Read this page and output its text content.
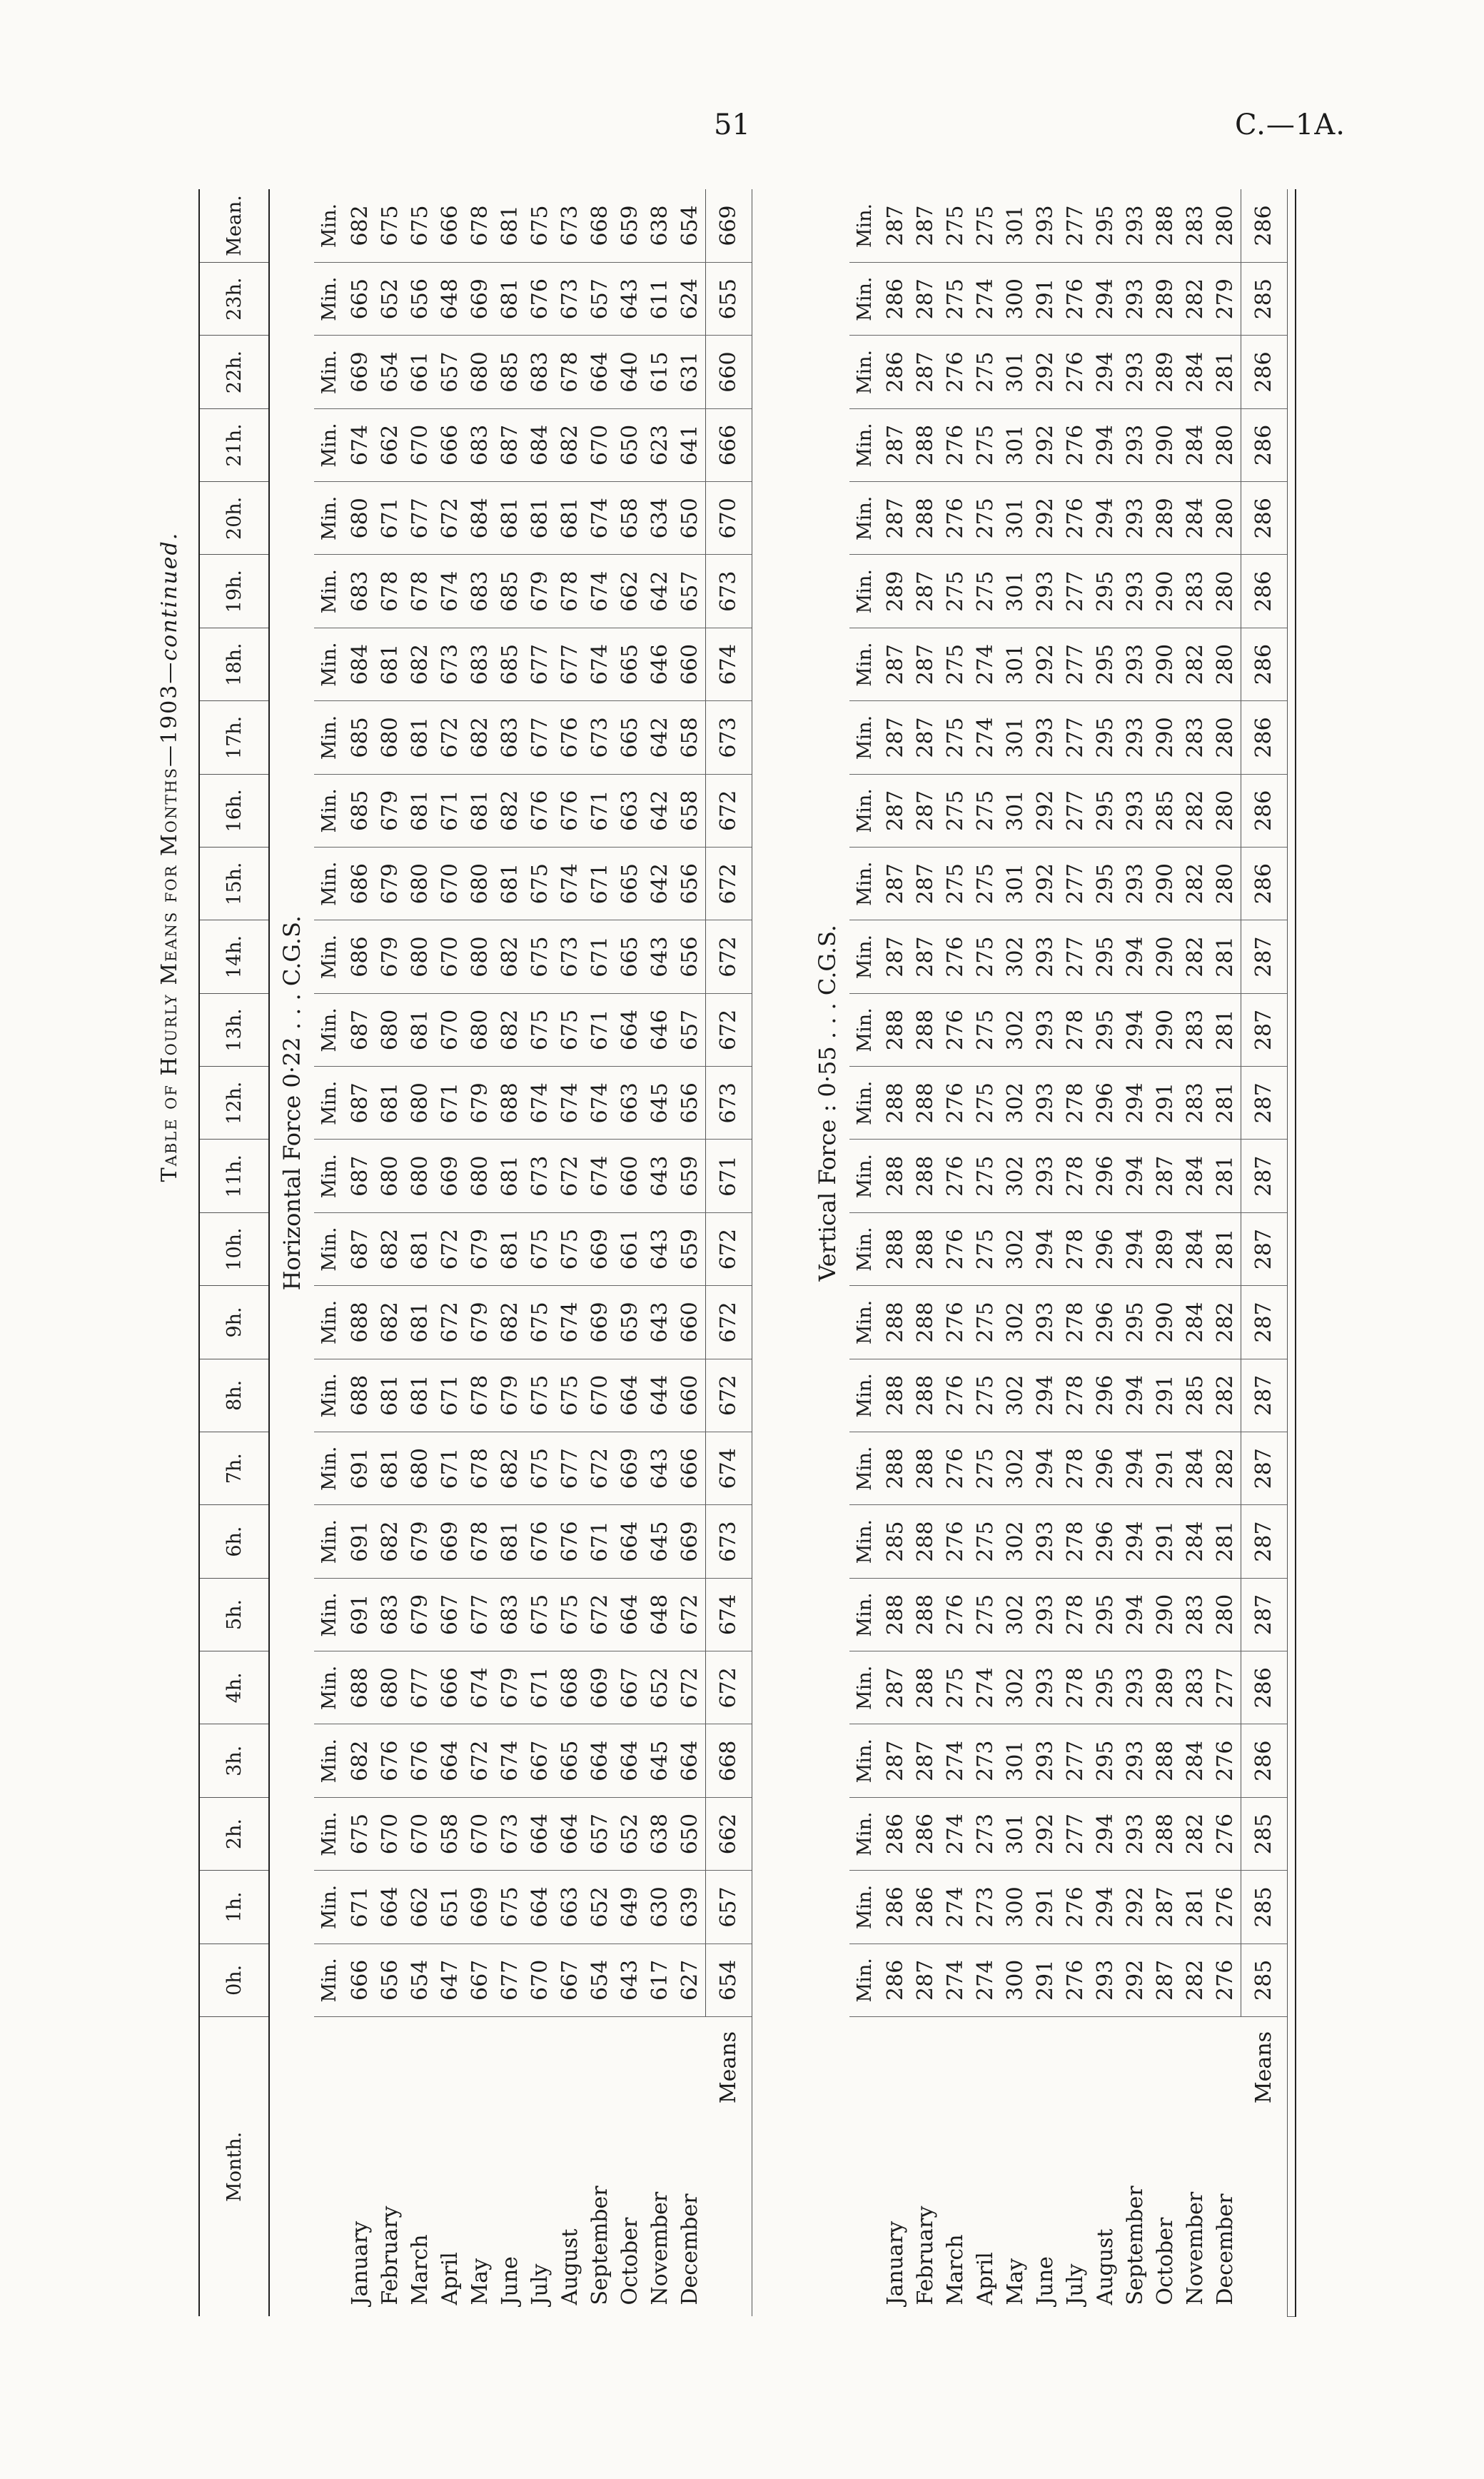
51	C.—1A.
Table of Hourly Means for Months—1903—continued.
Month.	0h.	1h.	2h.	3h.	4h.	5h.	6h.	7h.	8h.	9h.	10h.	11h.	12h.	13h.	14h.	15h.	16h.	17h.	18h.	19h.	20h.	21h.	22h.	23h.	Mean.
	Horizontal Force 0·22 . . . C.G.S.																								
	Min.	Min.	Min.	Min.	Min.	Min.	Min.	Min.	Min.	Min.	Min.	Min.	Min.	Min.	Min.	Min.	Min.	Min.	Min.	Min.	Min.	Min.	Min.	Min.	Min.
January	666	671	675	682	688	691	691	691	688	688	687	687	687	687	686	686	685	685	684	683	680	674	669	665	682
February	656	664	670	676	680	683	682	681	681	682	682	680	681	680	679	679	679	680	681	678	671	662	654	652	675
March	654	662	670	676	677	679	679	680	681	681	681	680	680	681	680	680	681	681	682	678	677	670	661	656	675
April	647	651	658	664	666	667	669	671	671	672	672	669	671	670	670	670	671	672	673	674	672	666	657	648	666
May	667	669	670	672	674	677	678	678	678	679	679	680	679	680	680	680	681	682	683	683	684	683	680	669	678
June	677	675	673	674	679	683	681	682	679	682	681	681	688	682	682	681	682	683	685	685	681	687	685	681	681
July	670	664	664	667	671	675	676	675	675	675	675	673	674	675	675	675	676	677	677	679	681	684	683	676	675
August	667	663	664	665	668	675	676	677	675	674	675	672	674	675	673	674	676	676	677	678	681	682	678	673	673
September	654	652	657	664	669	672	671	672	670	669	669	674	674	671	671	671	671	673	674	674	674	670	664	657	668
October	643	649	652	664	667	664	664	669	664	659	661	660	663	664	665	665	663	665	665	662	658	650	640	643	659
November	617	630	638	645	652	648	645	643	644	643	643	643	645	646	643	642	642	642	646	642	634	623	615	611	638
December	627	639	650	664	672	672	669	666	660	660	659	659	656	657	656	656	658	658	660	657	650	641	631	624	654
Means	654	657	662	668	672	674	673	674	672	672	672	671	673	672	672	672	672	673	674	673	670	666	660	655	669

	Vertical Force : 0·55 . . . C.G.S.																								
	Min.	Min.	Min.	Min.	Min.	Min.	Min.	Min.	Min.	Min.	Min.	Min.	Min.	Min.	Min.	Min.	Min.	Min.	Min.	Min.	Min.	Min.	Min.	Min.	Min.
January	286	286	286	287	287	288	285	288	288	288	288	288	288	288	287	287	287	287	287	289	287	287	286	286	287
February	287	286	286	287	288	288	288	288	288	288	288	288	288	288	287	287	287	287	287	287	288	288	287	287	287
March	274	274	274	274	275	276	276	276	276	276	276	276	276	276	276	275	275	275	275	275	276	276	276	275	275
April	274	273	273	273	274	275	275	275	275	275	275	275	275	275	275	275	275	274	274	275	275	275	275	274	275
May	300	300	301	301	302	302	302	302	302	302	302	302	302	302	302	301	301	301	301	301	301	301	301	300	301
June	291	291	292	293	293	293	293	294	294	293	294	293	293	293	293	292	292	293	292	293	292	292	292	291	293
July	276	276	277	277	278	278	278	278	278	278	278	278	278	278	277	277	277	277	277	277	276	276	276	276	277
August	293	294	294	295	295	295	296	296	296	296	296	296	296	295	295	295	295	295	295	295	294	294	294	294	295
September	292	292	293	293	293	294	294	294	294	295	294	294	294	294	294	293	293	293	293	293	293	293	293	293	293
October	287	287	288	288	289	290	291	291	291	290	289	287	291	290	290	290	285	290	290	290	289	290	289	289	288
November	282	281	282	284	283	283	284	284	285	284	284	284	283	283	282	282	282	283	282	283	284	284	284	282	283
December	276	276	276	276	277	280	281	282	282	282	281	281	281	281	281	280	280	280	280	280	280	280	281	279	280
Means	285	285	285	286	286	287	287	287	287	287	287	287	287	287	287	286	286	286	286	286	286	286	286	285	286
